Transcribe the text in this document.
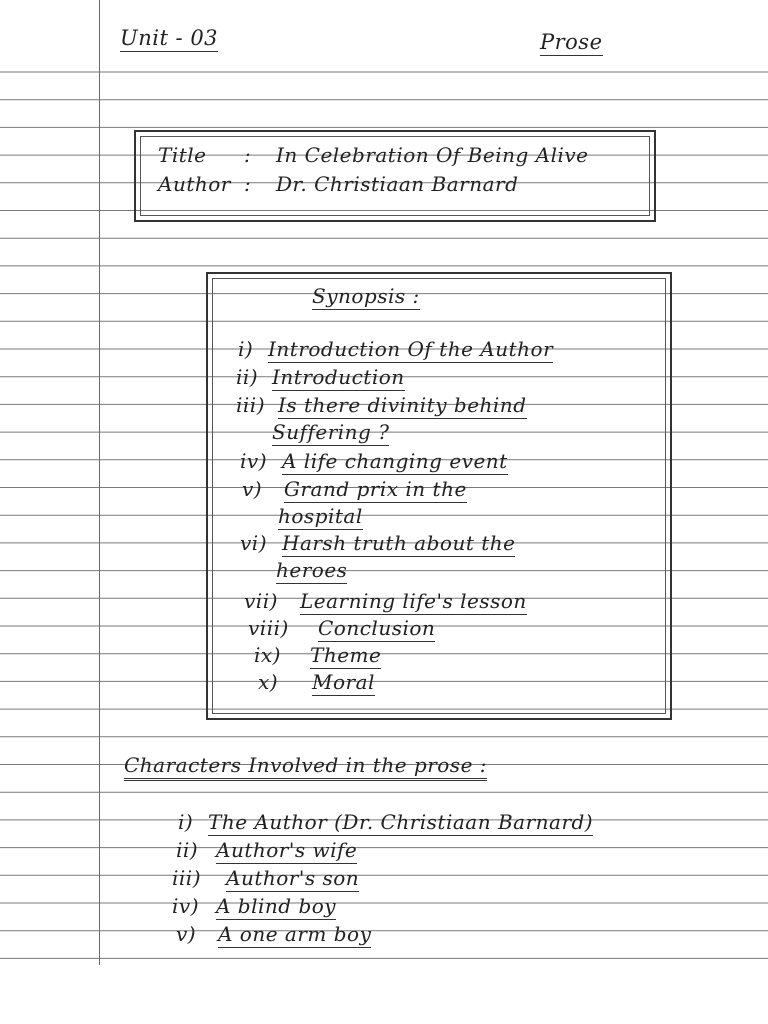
Unit - 03	Prose
Title : In Celebration Of Being Alive
Author : Dr. Christiaan Barnard
Synopsis :
i) Introduction Of the Author
ii) Introduction
iii) Is there divinity behind
Suffering ?
iv) A life changing event
v) Grand prix in the
hospital
vi) Harsh truth about the
heroes
vii) Learning life's lesson
viii) Conclusion
ix) Theme
x) Moral
Characters Involved in the prose :
i) The Author (Dr. Christiaan Barnard)
ii) Author's wife
iii) Author's son
iv) A blind boy
v) A one arm boy
